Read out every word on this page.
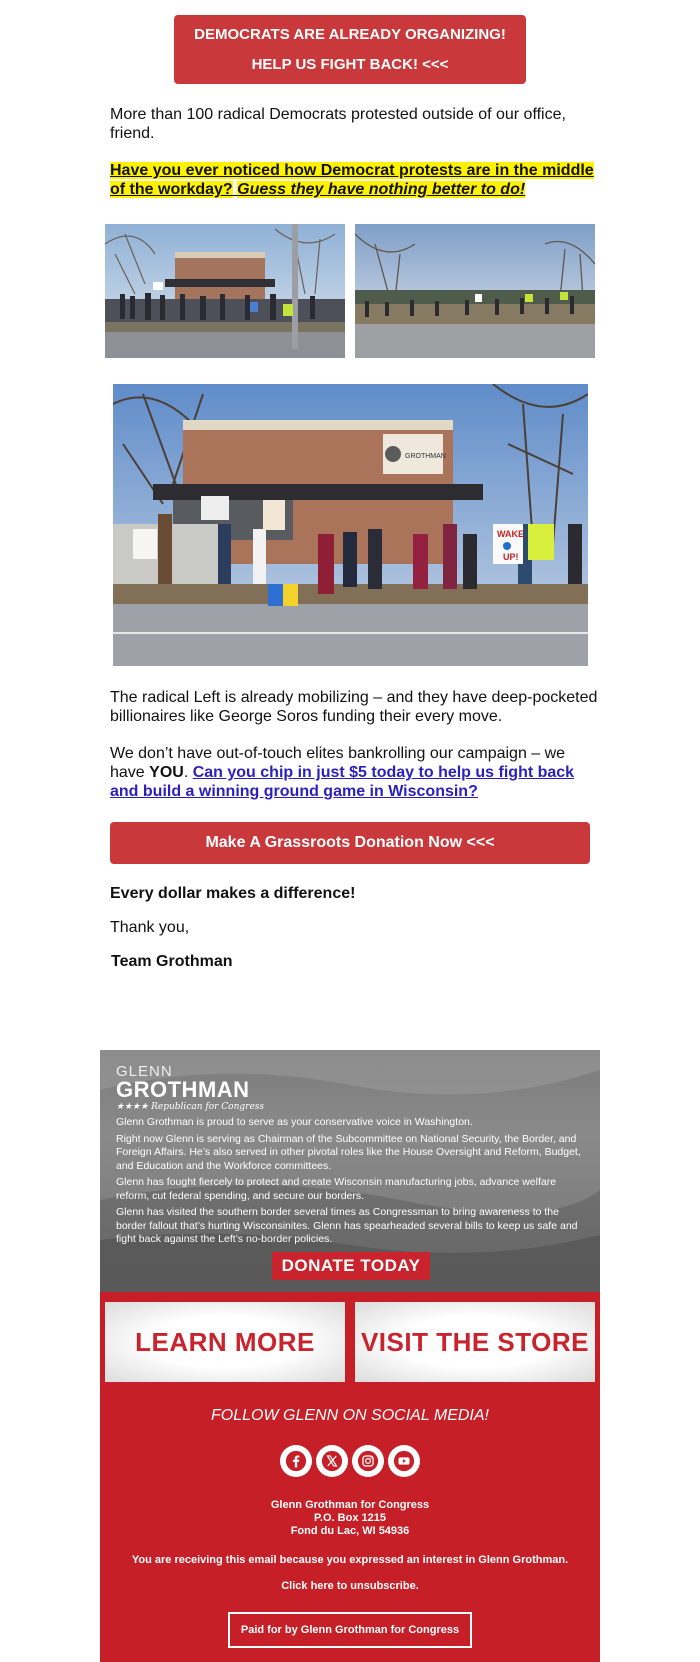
DEMOCRATS ARE ALREADY ORGANIZING!
HELP US FIGHT BACK! <<<
More than 100 radical Democrats protested outside of our office, friend.
Have you ever noticed how Democrat protests are in the middle of the workday? Guess they have nothing better to do!
GROTHMAN
WAKE
UP!
The radical Left is already mobilizing – and they have deep-pocketed billionaires like George Soros funding their every move.
We don’t have out-of-touch elites bankrolling our campaign – we have YOU. Can you chip in just $5 today to help us fight back and build a winning ground game in Wisconsin?
Make A Grassroots Donation Now <<<
Every dollar makes a difference!
Thank you,
Team Grothman
GLENN
GROTHMAN
★★★★ Republican for Congress

Glenn Grothman is proud to serve as your conservative voice in Washington.

Right now Glenn is serving as Chairman of the Subcommittee on National Security, the Border, and Foreign Affairs. He’s also served in other pivotal roles like the House Oversight and Reform, Budget, and Education and the Workforce committees.

Glenn has fought fiercely to protect and create Wisconsin manufacturing jobs, advance welfare reform, cut federal spending, and secure our borders.

Glenn has visited the southern border several times as Congressman to bring awareness to the border fallout that’s hurting Wisconsinites. Glenn has spearheaded several bills to keep us safe and fight back against the Left’s no-border policies.

DONATE TODAY
LEARN MORE	VISIT THE STORE
FOLLOW GLENN ON SOCIAL MEDIA!
Glenn Grothman for Congress
P.O. Box 1215
Fond du Lac, WI 54936
You are receiving this email because you expressed an interest in Glenn Grothman.
Click here to unsubscribe.
Paid for by Glenn Grothman for Congress
